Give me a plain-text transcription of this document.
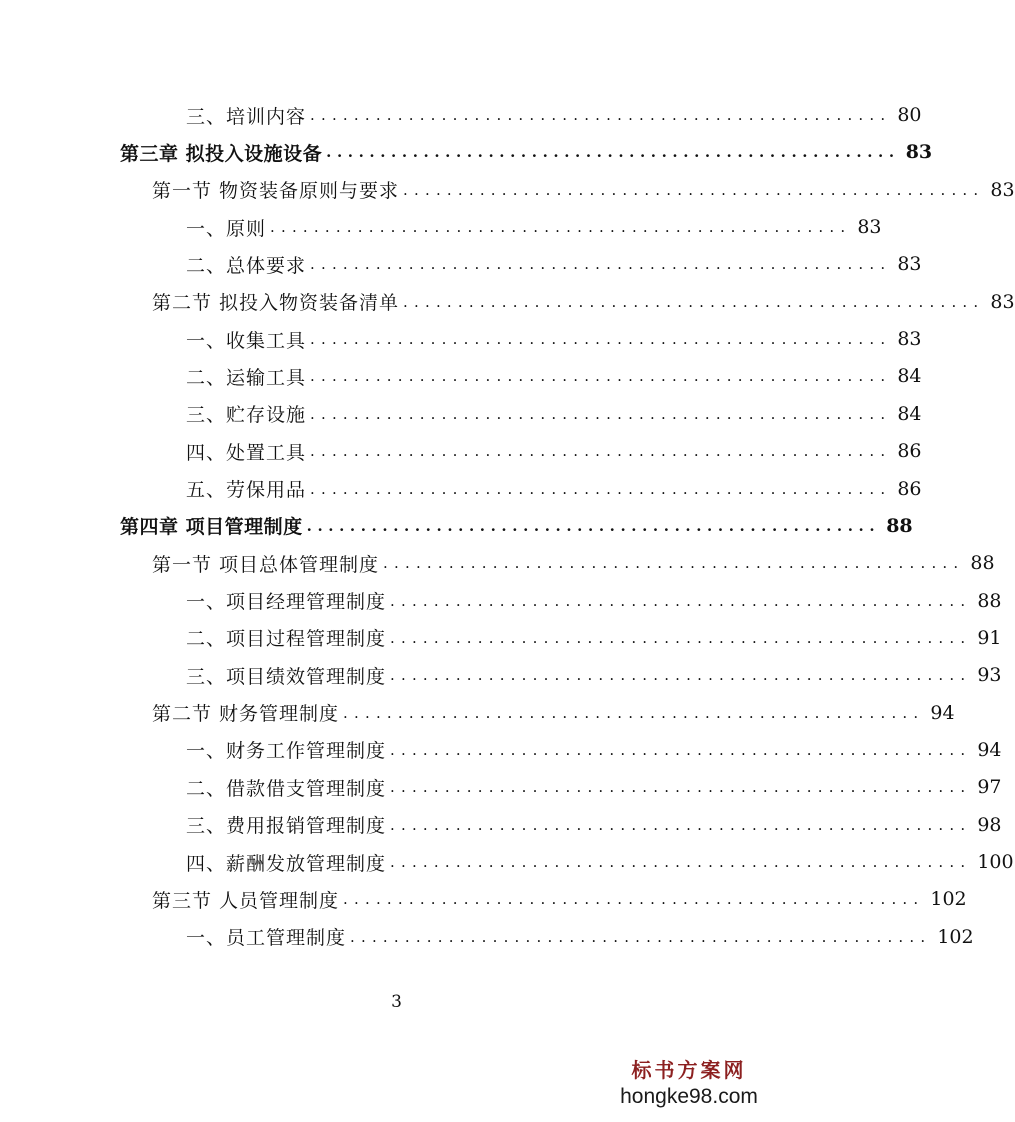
三、培训内容 ..................................................... 80
第三章 拟投入设施设备 ..................................................... 83
第一节 物资装备原则与要求 ..................................................... 83
一、原则 ..................................................... 83
二、总体要求 ..................................................... 83
第二节 拟投入物资装备清单 ..................................................... 83
一、收集工具 ..................................................... 83
二、运输工具 ..................................................... 84
三、贮存设施 ..................................................... 84
四、处置工具 ..................................................... 86
五、劳保用品 ..................................................... 86
第四章 项目管理制度 ..................................................... 88
第一节 项目总体管理制度 ..................................................... 88
一、项目经理管理制度 ..................................................... 88
二、项目过程管理制度 ..................................................... 91
三、项目绩效管理制度 ..................................................... 93
第二节 财务管理制度 ..................................................... 94
一、财务工作管理制度 ..................................................... 94
二、借款借支管理制度 ..................................................... 97
三、费用报销管理制度 ..................................................... 98
四、薪酬发放管理制度 ..................................................... 100
第三节 人员管理制度 ..................................................... 102
一、员工管理制度 ..................................................... 102
3
标书方案网
hongke98.com
